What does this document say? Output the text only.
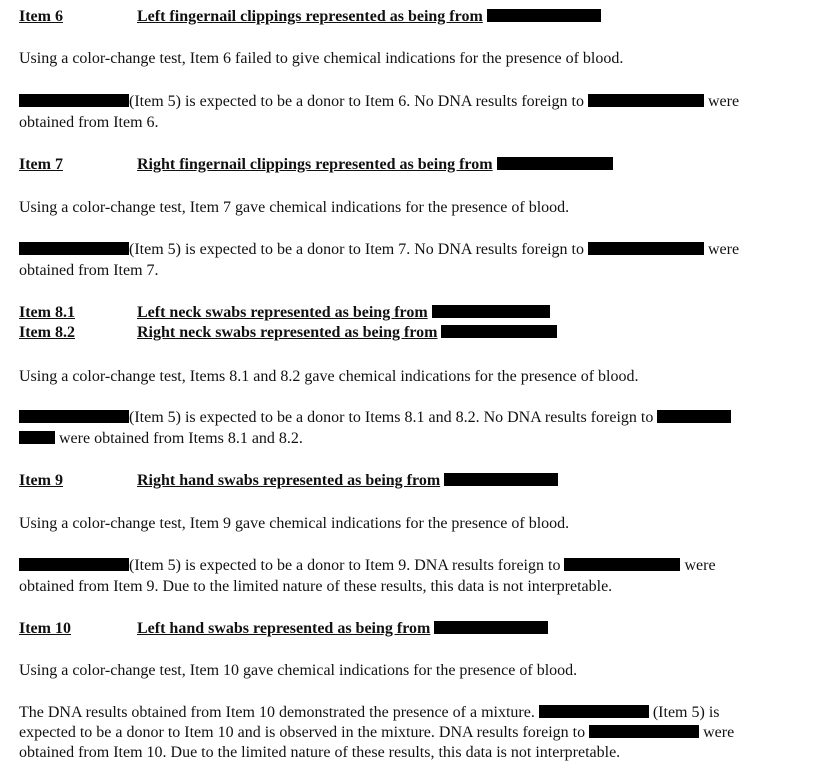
Item 6	Left fingernail clippings represented as being from
Using a color-change test, Item 6 failed to give chemical indications for the presence of blood.
(Item 5) is expected to be a donor to Item 6. No DNA results foreign to	were
obtained from Item 6.
Item 7	Right fingernail clippings represented as being from
Using a color-change test, Item 7 gave chemical indications for the presence of blood.
(Item 5) is expected to be a donor to Item 7. No DNA results foreign to	were
obtained from Item 7.
Item 8.1	Left neck swabs represented as being from
Item 8.2	Right neck swabs represented as being from
Using a color-change test, Items 8.1 and 8.2 gave chemical indications for the presence of blood.
(Item 5) is expected to be a donor to Items 8.1 and 8.2. No DNA results foreign to
were obtained from Items 8.1 and 8.2.
Item 9	Right hand swabs represented as being from
Using a color-change test, Item 9 gave chemical indications for the presence of blood.
(Item 5) is expected to be a donor to Item 9. DNA results foreign to	were
obtained from Item 9. Due to the limited nature of these results, this data is not interpretable.
Item 10	Left hand swabs represented as being from
Using a color-change test, Item 10 gave chemical indications for the presence of blood.
The DNA results obtained from Item 10 demonstrated the presence of a mixture.	(Item 5) is
expected to be a donor to Item 10 and is observed in the mixture. DNA results foreign to	were
obtained from Item 10. Due to the limited nature of these results, this data is not interpretable.
